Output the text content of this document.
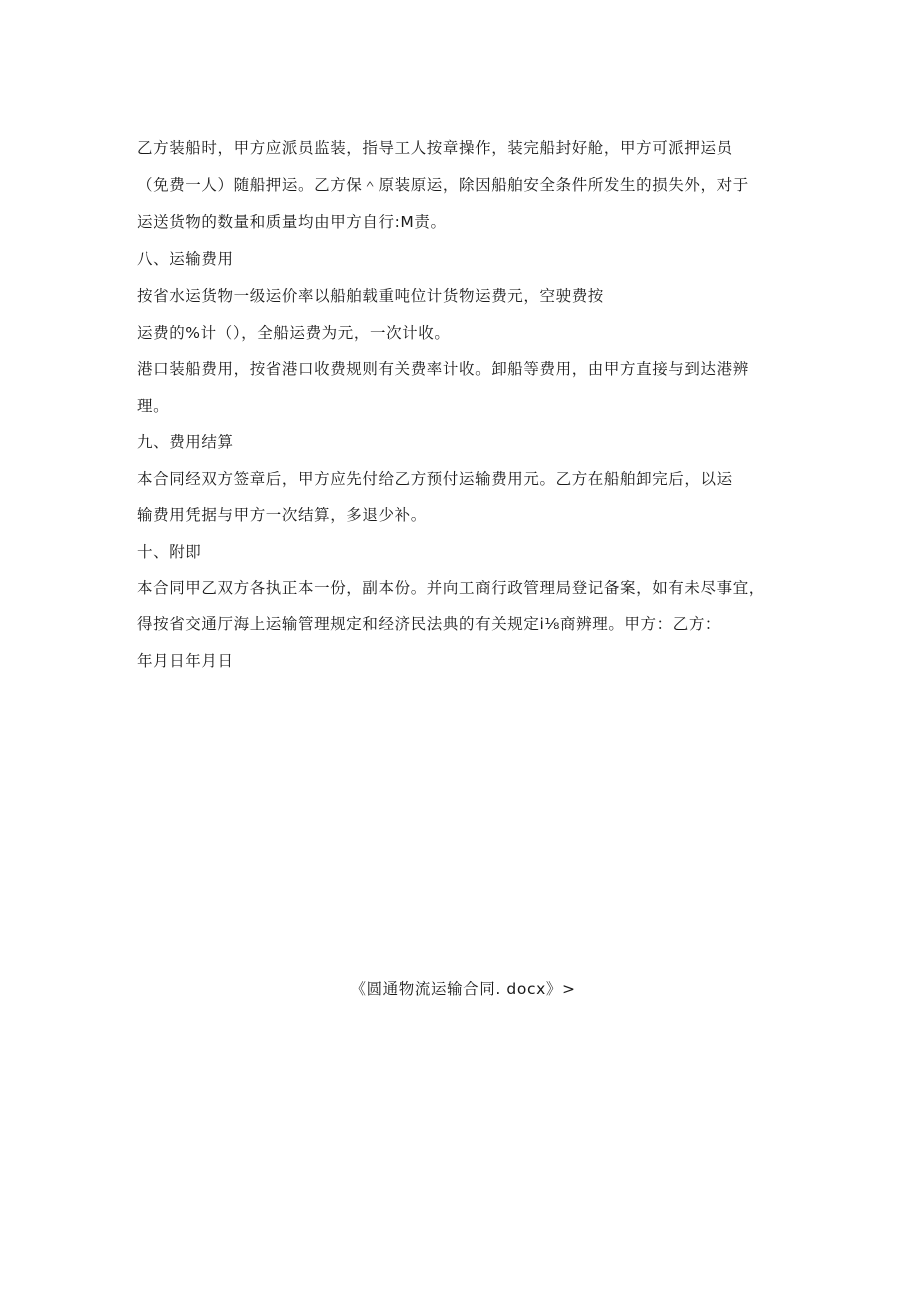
乙方装船时，甲方应派员监装，指导工人按章操作，装完船封好舱，甲方可派押运员
（免费一人）随船押运。乙方保＾原装原运，除因船舶安全条件所发生的损失外，对于
运送货物的数量和质量均由甲方自行:M责。
八、运输费用
按省水运货物一级运价率以船舶载重吨位计货物运费元，空驶费按
运费的%计（），全船运费为元，一次计收。
港口装船费用，按省港口收费规则有关费率计收。卸船等费用，由甲方直接与到达港辨
理。
九、费用结算
本合同经双方签章后，甲方应先付给乙方预付运输费用元。乙方在船舶卸完后，以运
输费用凭据与甲方一次结算，多退少补。
十、附即
本合同甲乙双方各执正本一份，副本份。并向工商行政管理局登记备案，如有未尽事宜，
得按省交通厅海上运输管理规定和经济民法典的有关规定i⅛商辨理。甲方：乙方：
年月日年月日
《圆通物流运输合同. docx》>
